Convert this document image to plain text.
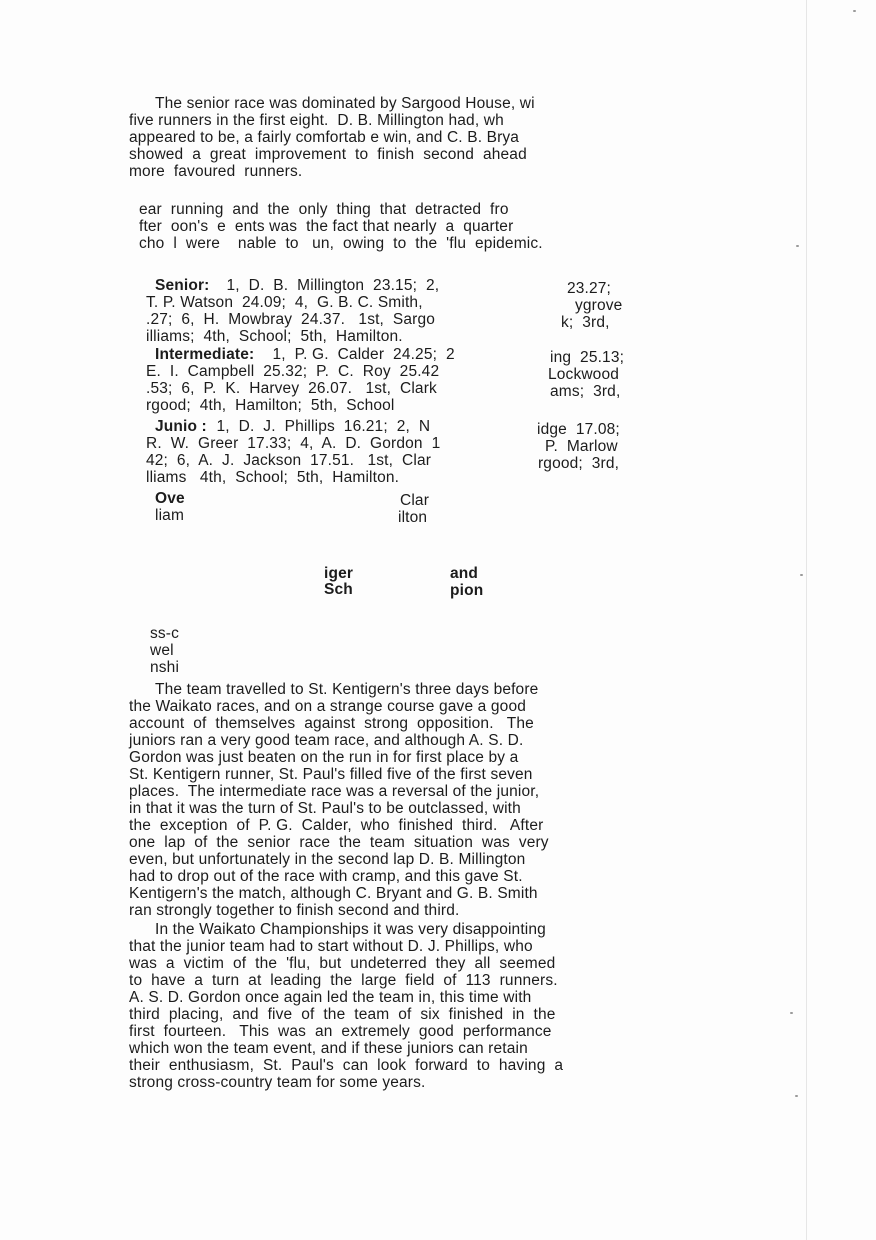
The senior race was dominated by Sargood House, wi
five runners in the first eight.  D. B. Millington had, wh
appeared to be, a fairly comfortab e win, and C. B. Brya
showed  a  great  improvement  to  finish  second  ahead
more  favoured  runners.
ear  running  and  the  only  thing  that  detracted  fro
fter  oon's  e  ents was  the fact that nearly  a  quarter
cho  l  were    nable  to   un,  owing  to  the  'flu  epidemic.
Senior: 1,  D.  B.  Millington  23.15;  2,
T. P. Watson  24.09;  4,  G. B. C. Smith,
.27;  6,  H.  Mowbray  24.37.   1st,  Sargo
illiams;  4th,  School;  5th,  Hamilton.
23.27;
ygrove
k;  3rd,
Intermediate: 1,  P. G.  Calder  24.25;  2
E.  I.  Campbell  25.32;  P.  C.  Roy  25.42
.53;  6,  P.  K.  Harvey  26.07.   1st,  Clark
rgood;  4th,  Hamilton;  5th,  School
ing  25.13;
Lockwood
ams;  3rd,
Junio : 1,  D.  J.  Phillips  16.21;  2,  N
R.  W.  Greer  17.33;  4,  A.  D.  Gordon  1
42;  6,  A.  J.  Jackson  17.51.   1st,  Clar
lliams   4th,  School;  5th,  Hamilton.
idge  17.08;
P.  Marlow
rgood;  3rd,
Ove
liam
Clar
ilton
iger
Sch
and
pion
ss-c
wel
nshi
The team travelled to St. Kentigern's three days before
the Waikato races, and on a strange course gave a good
account  of  themselves  against  strong  opposition.   The
juniors ran a very good team race, and although A. S. D.
Gordon was just beaten on the run in for first place by a
St. Kentigern runner, St. Paul's filled five of the first seven
places.  The intermediate race was a reversal of the junior,
in that it was the turn of St. Paul's to be outclassed, with
the  exception  of  P. G.  Calder,  who  finished  third.   After
one  lap  of  the  senior  race  the  team  situation  was  very
even, but unfortunately in the second lap D. B. Millington
had to drop out of the race with cramp, and this gave St.
Kentigern's the match, although C. Bryant and G. B. Smith
ran strongly together to finish second and third.
In the Waikato Championships it was very disappointing
that the junior team had to start without D. J. Phillips, who
was  a  victim  of  the  'flu,  but  undeterred  they  all  seemed
to  have  a  turn  at  leading  the  large  field  of  113  runners.
A. S. D. Gordon once again led the team in, this time with
third  placing,  and  five  of  the  team  of  six  finished  in  the
first  fourteen.   This  was  an  extremely  good  performance
which won the team event, and if these juniors can retain
their  enthusiasm,  St.  Paul's  can  look  forward  to  having  a
strong cross-country team for some years.
